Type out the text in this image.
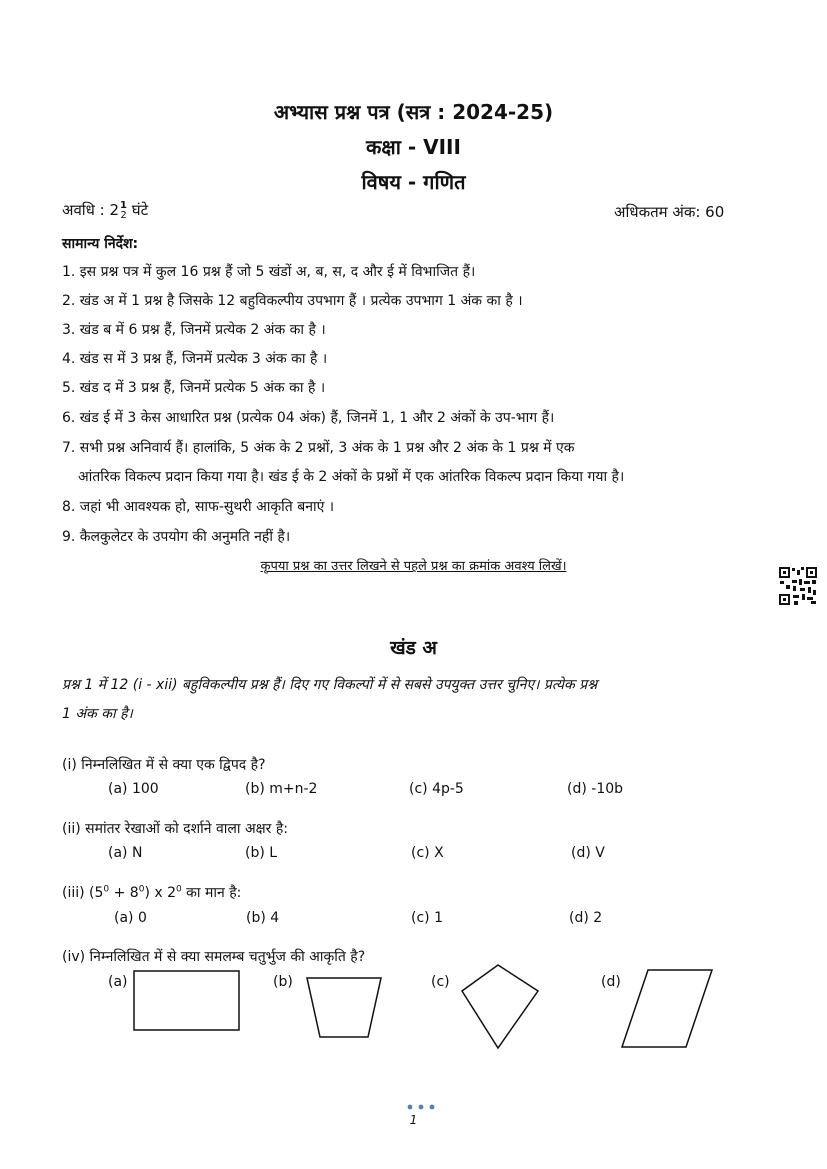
अभ्यास प्रश्न पत्र (सत्र : 2024-25)
कक्षा - VIII
विषय - गणित
अवधि : 2 1
2 घंटे	अधिकतम अंक: 60
सामान्य निर्देश:
1. इस प्रश्न पत्र में कुल 16 प्रश्न हैं जो 5 खंडों अ, ब, स, द और ई में विभाजित हैं।
2. खंड अ में 1 प्रश्न है जिसके 12 बहुविकल्पीय उपभाग हैं । प्रत्येक उपभाग 1 अंक का है ।
3. खंड ब में 6 प्रश्न हैं, जिनमें प्रत्येक 2 अंक का है ।
4. खंड स में 3 प्रश्न हैं, जिनमें प्रत्येक 3 अंक का है ।
5. खंड द में 3 प्रश्न हैं, जिनमें प्रत्येक 5 अंक का है ।
6. खंड ई में 3 केस आधारित प्रश्न (प्रत्येक 04 अंक) हैं, जिनमें 1, 1 और 2 अंकों के उप-भाग हैं।
7. सभी प्रश्न अनिवार्य हैं। हालांकि, 5 अंक के 2 प्रश्नों, 3 अंक के 1 प्रश्न और 2 अंक के 1 प्रश्न में एक
आंतरिक विकल्प प्रदान किया गया है। खंड ई के 2 अंकों के प्रश्नों में एक आंतरिक विकल्प प्रदान किया गया है।
8. जहां भी आवश्यक हो, साफ-सुथरी आकृति बनाएं ।
9. कैलकुलेटर के उपयोग की अनुमति नहीं है।
कृपया प्रश्न का उत्तर लिखने से पहले प्रश्न का क्रमांक अवश्य लिखें।
खंड अ
प्रश्न 1 में 12 (i - xii) बहुविकल्पीय प्रश्न हैं। दिए गए विकल्पों में से सबसे उपयुक्त उत्तर चुनिए। प्रत्येक प्रश्न
1 अंक का है।
(i) निम्नलिखित में से क्या एक द्विपद है?
(a) 100	(b) m+n-2	(c) 4p-5	(d) -10b
(ii) समांतर रेखाओं को दर्शाने वाला अक्षर है:
(a) N	(b) L	(c) X	(d) V
(iii) $(5^0 + 8^0)$ x $2^0$ का मान है:
(a) 0	(b) 4	(c) 1	(d) 2
(iv) निम्नलिखित में से क्या समलम्ब चतुर्भुज की आकृति है?
(a)	(b)	(c)	(d)
1
